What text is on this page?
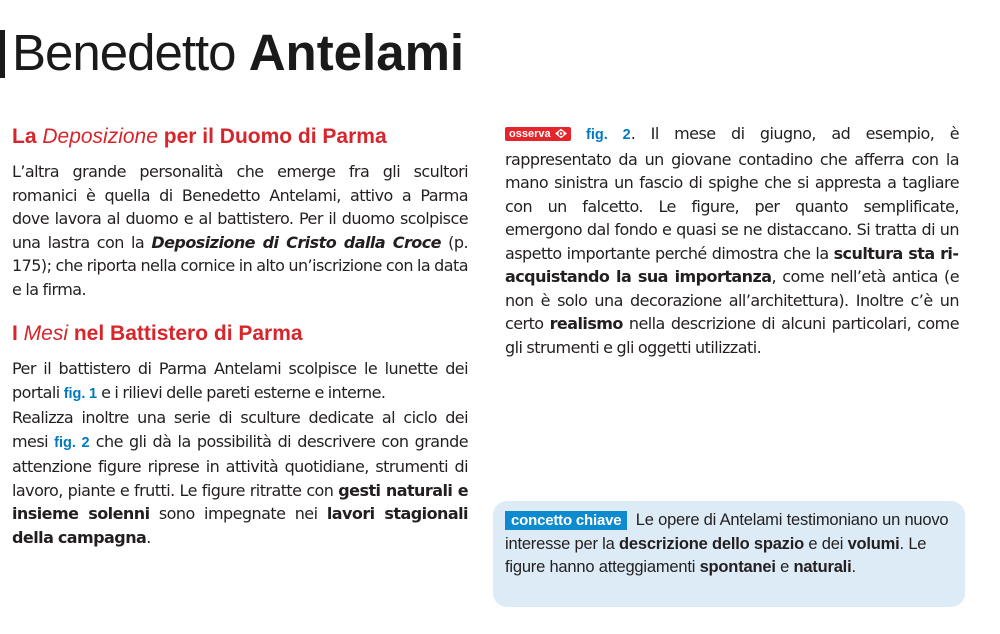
Benedetto Antelami
La Deposizione per il Duomo di Parma

L’altra grande personalità che emerge fra gli scultori romanici è quella di Benedetto Antelami, attivo a Parma dove lavora al duomo e al battistero. Per il duomo scolpisce una lastra con la Deposizione di Cristo dalla Croce (p. 175); che riporta nella cornice in alto un’iscrizione con la data e la firma.

I Mesi nel Battistero di Parma

Per il battistero di Parma Antelami scolpisce le lunette dei portali fig. 1 e i rilievi delle pareti esterne e interne.

Realizza inoltre una serie di sculture dedicate al ciclo dei mesi fig. 2 che gli dà la possibilità di descrivere con grande attenzione figure riprese in attività quotidiane, strumenti di lavoro, piante e frutti. Le figure ritratte con gesti naturali e insieme solenni sono impegnate nei lavori stagionali della campagna.

osserva fig. 2. Il mese di giugno, ad esempio, è rappresentato da un giovane contadino che afferra con la mano sinistra un fascio di spighe che si appresta a tagliare con un falcetto. Le figure, per quanto semplificate, emergono dal fondo e quasi se ne distaccano. Si tratta di un aspetto importante perché dimostra che la scultura sta riacquistando la sua importanza, come nell’età antica (e non è solo una decorazione all’architettura). Inoltre c’è un certo realismo nella descrizione di alcuni particolari, come gli strumenti e gli oggetti utilizzati.

concetto chiave Le opere di Antelami testimoniano un nuovo interesse per la descrizione dello spazio e dei volumi. Le figure hanno atteggiamenti spontanei e naturali.
